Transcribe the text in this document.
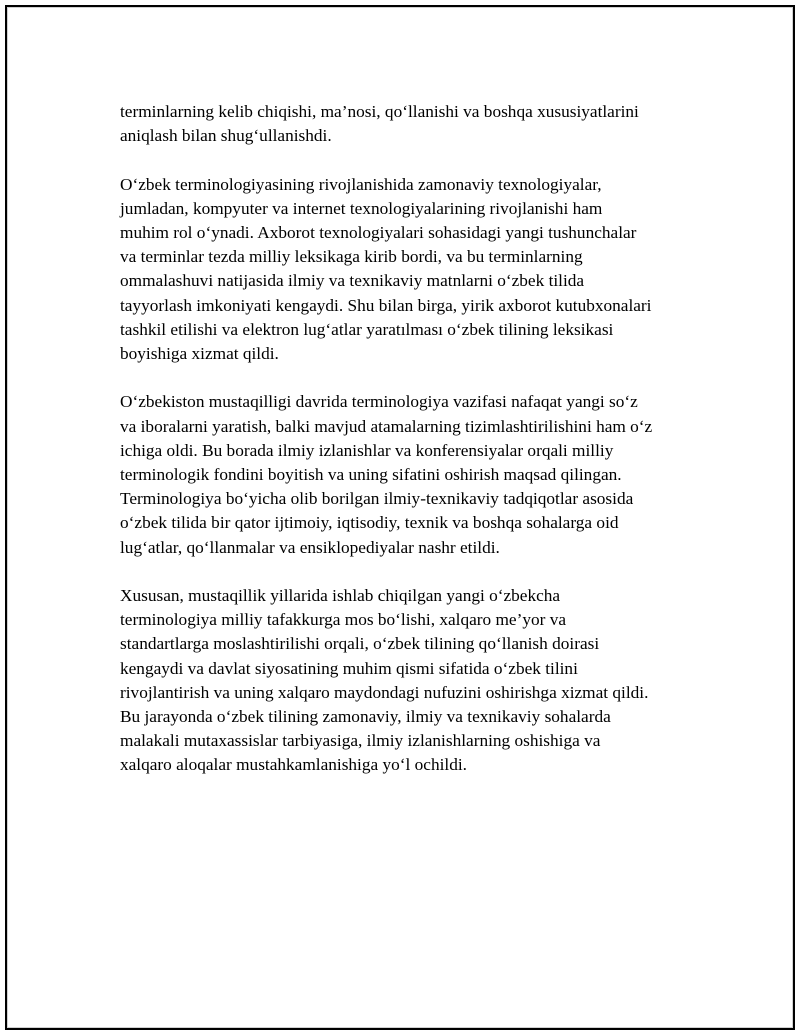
terminlarning kelib chiqishi, ma’nosi, qo‘llanishi va boshqa xususiyatlarini
aniqlash bilan shug‘ullanishdi.

O‘zbek terminologiyasining rivojlanishida zamonaviy texnologiyalar,
jumladan, kompyuter va internet texnologiyalarining rivojlanishi ham
muhim rol o‘ynadi. Axborot texnologiyalari sohasidagi yangi tushunchalar
va terminlar tezda milliy leksikaga kirib bordi, va bu terminlarning
ommalashuvi natijasida ilmiy va texnikaviy matnlarni o‘zbek tilida
tayyorlash imkoniyati kengaydi. Shu bilan birga, yirik axborot kutubxonalari
tashkil etilishi va elektron lug‘atlar yaratılması o‘zbek tilining leksikasi
boyishiga xizmat qildi.

O‘zbekiston mustaqilligi davrida terminologiya vazifasi nafaqat yangi so‘z
va iboralarni yaratish, balki mavjud atamalarning tizimlashtirilishini ham o‘z
ichiga oldi. Bu borada ilmiy izlanishlar va konferensiyalar orqali milliy
terminologik fondini boyitish va uning sifatini oshirish maqsad qilingan.
Terminologiya bo‘yicha olib borilgan ilmiy-texnikaviy tadqiqotlar asosida
o‘zbek tilida bir qator ijtimoiy, iqtisodiy, texnik va boshqa sohalarga oid
lug‘atlar, qo‘llanmalar va ensiklopediyalar nashr etildi.

Xususan, mustaqillik yillarida ishlab chiqilgan yangi o‘zbekcha
terminologiya milliy tafakkurga mos bo‘lishi, xalqaro me’yor va
standartlarga moslashtirilishi orqali, o‘zbek tilining qo‘llanish doirasi
kengaydi va davlat siyosatining muhim qismi sifatida o‘zbek tilini
rivojlantirish va uning xalqaro maydondagi nufuzini oshirishga xizmat qildi.
Bu jarayonda o‘zbek tilining zamonaviy, ilmiy va texnikaviy sohalarda
malakali mutaxassislar tarbiyasiga, ilmiy izlanishlarning oshishiga va
xalqaro aloqalar mustahkamlanishiga yo‘l ochildi.
